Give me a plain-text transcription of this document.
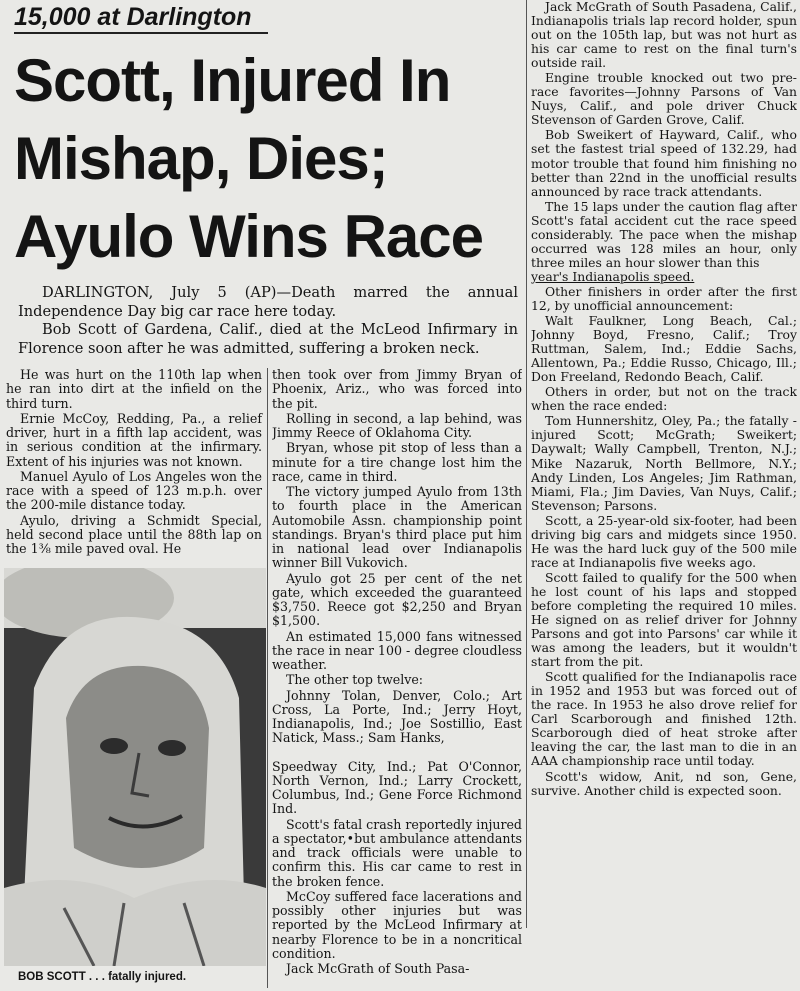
15,000 at Darlington
Scott, Injured In
Mishap, Dies;
Ayulo Wins Race

DARLINGTON, July 5 (AP)—Death marred the annual Independence Day big car race here today.

Bob Scott of Gardena, Calif., died at the McLeod Infirmary in Florence soon after he was admitted, suffering a broken neck.

He was hurt on the 110th lap when he ran into dirt at the infield on the third turn.

Ernie McCoy, Redding, Pa., a relief driver, hurt in a fifth lap accident, was in serious condition at the infirmary. Extent of his injuries was not known.

Manuel Ayulo of Los Angeles won the race with a speed of 123 m.p.h. over the 200-mile distance today.

Ayulo, driving a Schmidt Special, held second place until the 88th lap on the 1⅜ mile paved oval. He

BOB SCOTT . . . fatally injured.

then took over from Jimmy Bryan of Phoenix, Ariz., who was forced into the pit.

Rolling in second, a lap behind, was Jimmy Reece of Oklahoma City.

Bryan, whose pit stop of less than a minute for a tire change lost him the race, came in third.

The victory jumped Ayulo from 13th to fourth place in the American Automobile Assn. championship point standings. Bryan's third place put him in national lead over Indianapolis winner Bill Vukovich.

Ayulo got 25 per cent of the net gate, which exceeded the guaranteed $3,750. Reece got $2,250 and Bryan $1,500.

An estimated 15,000 fans witnessed the race in near 100 - degree cloudless weather.

The other top twelve:

Johnny Tolan, Denver, Colo.; Art Cross, La Porte, Ind.; Jerry Hoyt, Indianapolis, Ind.; Joe Sostillio, East Natick, Mass.; Sam Hanks,

Speedway City, Ind.; Pat O'Connor, North Vernon, Ind.; Larry Crockett, Columbus, Ind.; Gene Force Richmond Ind.

Scott's fatal crash reportedly injured a spectator,•but ambulance attendants and track officials were unable to confirm this. His car came to rest in the broken fence.

McCoy suffered face lacerations and possibly other injuries but was reported by the McLeod Infirmary at nearby Florence to be in a noncritical condition.

Jack McGrath of South Pasa-

Jack McGrath of South Pasadena, Calif., Indianapolis trials lap record holder, spun out on the 105th lap, but was not hurt as his car came to rest on the final turn's outside rail.

Engine trouble knocked out two pre-race favorites—Johnny Parsons of Van Nuys, Calif., and pole driver Chuck Stevenson of Garden Grove, Calif.

Bob Sweikert of Hayward, Calif., who set the fastest trial speed of 132.29, had motor trouble that found him finishing no better than 22nd in the unofficial results announced by race track attendants.

The 15 laps under the caution flag after Scott's fatal accident cut the race speed considerably. The pace when the mishap occurred was 128 miles an hour, only three miles an hour slower than this

year's Indianapolis speed.

Other finishers in order after the first 12, by unofficial announcement:

Walt Faulkner, Long Beach, Cal.; Johnny Boyd, Fresno, Calif.; Troy Ruttman, Salem, Ind.; Eddie Sachs, Allentown, Pa.; Eddie Russo, Chicago, Ill.; Don Freeland, Redondo Beach, Calif.

Others in order, but not on the track when the race ended:

Tom Hunnershitz, Oley, Pa.; the fatally - injured Scott; McGrath; Sweikert; Daywalt; Wally Campbell, Trenton, N.J.; Mike Nazaruk, North Bellmore, N.Y.; Andy Linden, Los Angeles; Jim Rathman, Miami, Fla.; Jim Davies, Van Nuys, Calif.; Stevenson; Parsons.

Scott, a 25-year-old six-footer, had been driving big cars and midgets since 1950. He was the hard luck guy of the 500 mile race at Indianapolis five weeks ago.

Scott failed to qualify for the 500 when he lost count of his laps and stopped before completing the required 10 miles. He signed on as relief driver for Johnny Parsons and got into Parsons' car while it was among the leaders, but it wouldn't start from the pit.

Scott qualified for the Indianapolis race in 1952 and 1953 but was forced out of the race. In 1953 he also drove relief for Carl Scarborough and finished 12th. Scarborough died of heat stroke after leaving the car, the last man to die in an AAA championship race until today.

Scott's widow, Anit, nd son, Gene, survive. Another child is expected soon.
